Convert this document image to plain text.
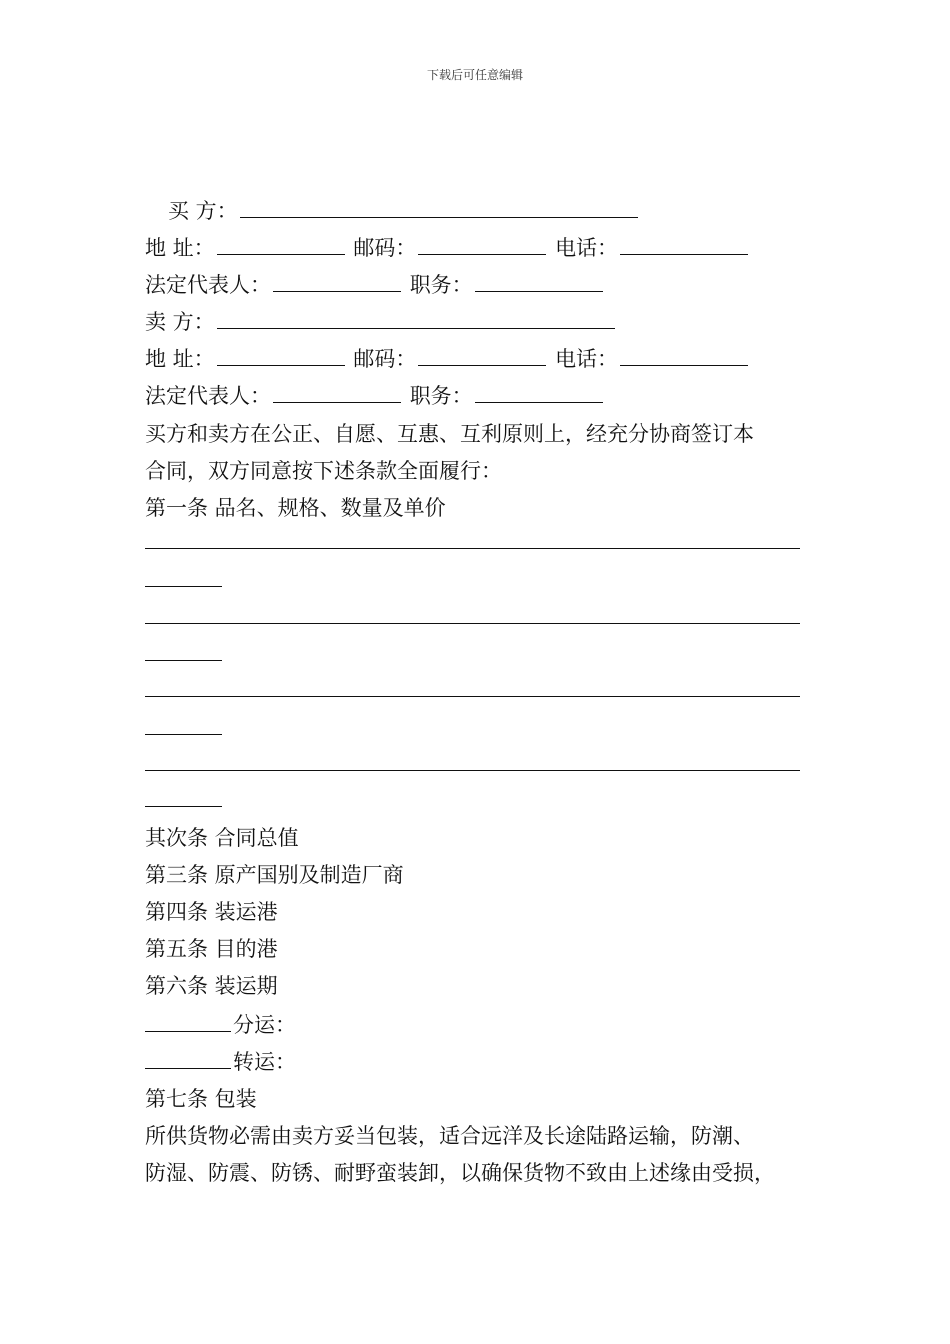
下载后可任意编辑
买 方：
地 址：	邮码：	电话：
法定代表人：	职务：
卖 方：
地 址：	邮码：	电话：
法定代表人：	职务：
买方和卖方在公正、自愿、互惠、互利原则上，经充分协商签订本
合同，双方同意按下述条款全面履行：
第一条 品名、规格、数量及单价
其次条 合同总值
第三条 原产国别及制造厂商
第四条 装运港
第五条 目的港
第六条 装运期
分运：
转运：
第七条 包装
所供货物必需由卖方妥当包装，适合远洋及长途陆路运输，防潮、
防湿、防震、防锈、耐野蛮装卸，以确保货物不致由上述缘由受损，
